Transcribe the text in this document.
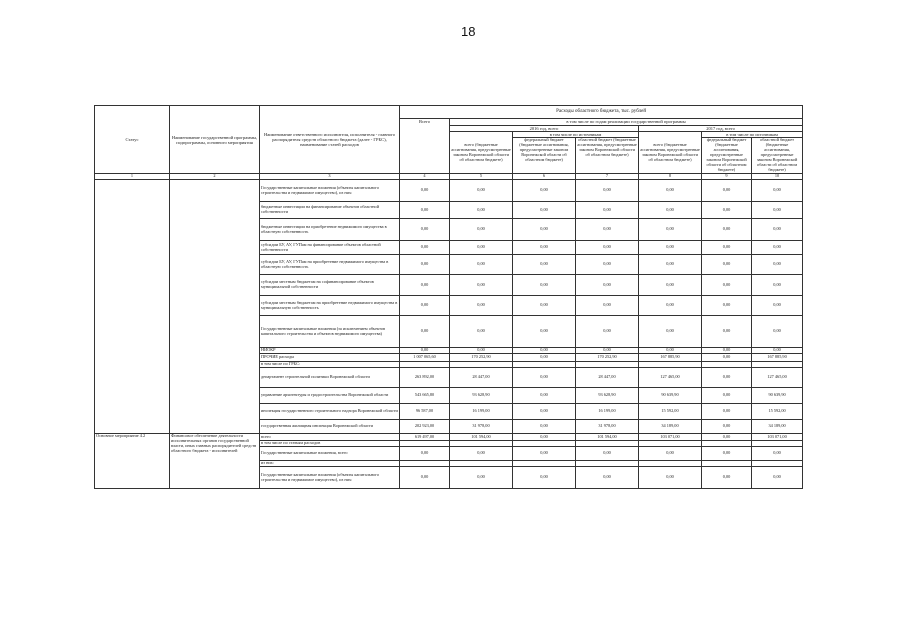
18
Статус	Наименование государственной программы, подпрограммы, основного мероприятия	Наименование ответственного исполнителя, исполнителя - главного распорядителя средств областного бюджета (далее - ГРБС), наименование статей расходов	Расходы областного бюджета, тыс. рублей						
			Всего	в том числе по годам реализации государственной программы					
				2016 год, всего			2017 год, всего		
				всего (бюджетные ассигнования, предусмотренные законом Воронежской области об областном бюджете)	в том числе по источникам		всего (бюджетные ассигнования, предусмотренные законом Воронежской области об областном бюджете)	в том числе по источникам	
					федеральный бюджет (бюджетные ассигнования, предусмотренные законом Воронежской области об областном бюджете)	областной бюджет (бюджетные ассигнования, предусмотренные законом Воронежской области об областном бюджете)		федеральный бюджет (бюджетные ассигнования, предусмотренные законом Воронежской области об областном бюджете)	областной бюджет (бюджетные ассигнования, предусмотренные законом Воронежской области об областном бюджете)
1	2	3	4	5	6	7	8	9	10
		Государственные капитальные вложения (объекты капитального строительства и недвижимое имущество), из них:	0,00	0,00	0,00	0,00	0,00	0,00	0,00
		бюджетные инвестиции на финансирование объектов областной собственности	0,00	0,00	0,00	0,00	0,00	0,00	0,00
		бюджетные инвестиции на приобретение недвижимого имущества в областную собственность	0,00	0,00	0,00	0,00	0,00	0,00	0,00
		субсидии БУ, АУ, ГУПам на финансирование объектов областной собственности	0,00	0,00	0,00	0,00	0,00	0,00	0,00
		субсидии БУ, АУ, ГУПам на приобретение недвижимого имущества в областную собственность	0,00	0,00	0,00	0,00	0,00	0,00	0,00
		субсидии местным бюджетам на софинансирование объектов муниципальной собственности	0,00	0,00	0,00	0,00	0,00	0,00	0,00
		субсидии местным бюджетам на приобретение недвижимого имущества в муниципальную собственность	0,00	0,00	0,00	0,00	0,00	0,00	0,00
		Государственные капитальные вложения (за исключением объектов капитального строительства и объектов недвижимого имущества)	0,00	0,00	0,00	0,00	0,00	0,00	0,00
		НИОКР	0,00	0,00	0,00	0,00	0,00	0,00	0,00
		ПРОЧИЕ расходы	1 007 065,60	170 252,90	0,00	170 252,90	167 885,90	0,00	167 885,90
		в том числе по ГРБС:							
		департамент строительной политики Воронежской области	263 892,00	28 447,00	0,00	28 447,00	127 465,00	0,00	127 465,00
		управление архитектуры и градостроительства Воронежской области	543 665,80	93 628,90	0,00	93 628,90	90 639,90	0,00	90 639,90
		инспекция государственного строительного надзора Воронежской области	96 587,00	16 199,00	0,00	16 199,00	15 592,00	0,00	15 592,00
		государственная жилищная инспекция Воронежской области	202 923,00	31 978,00	0,00	31 978,00	34 189,00	0,00	34 189,00
Основное мероприятие 4.2	Финансовое обеспечение деятельности исполнительных органов государственной власти, иных главных распорядителей средств областного бюджета - исполнителей	всего	619 497,00	101 594,00	0,00	101 594,00	103 071,00	0,00	103 071,00
		в том числе по статьям расходов							
		Государственные капитальные вложения, всего	0,00	0,00	0,00	0,00	0,00	0,00	0,00
		из них:							
		Государственные капитальные вложения (объекты капитального строительства и недвижимое имущество), из них:	0,00	0,00	0,00	0,00	0,00	0,00	0,00
